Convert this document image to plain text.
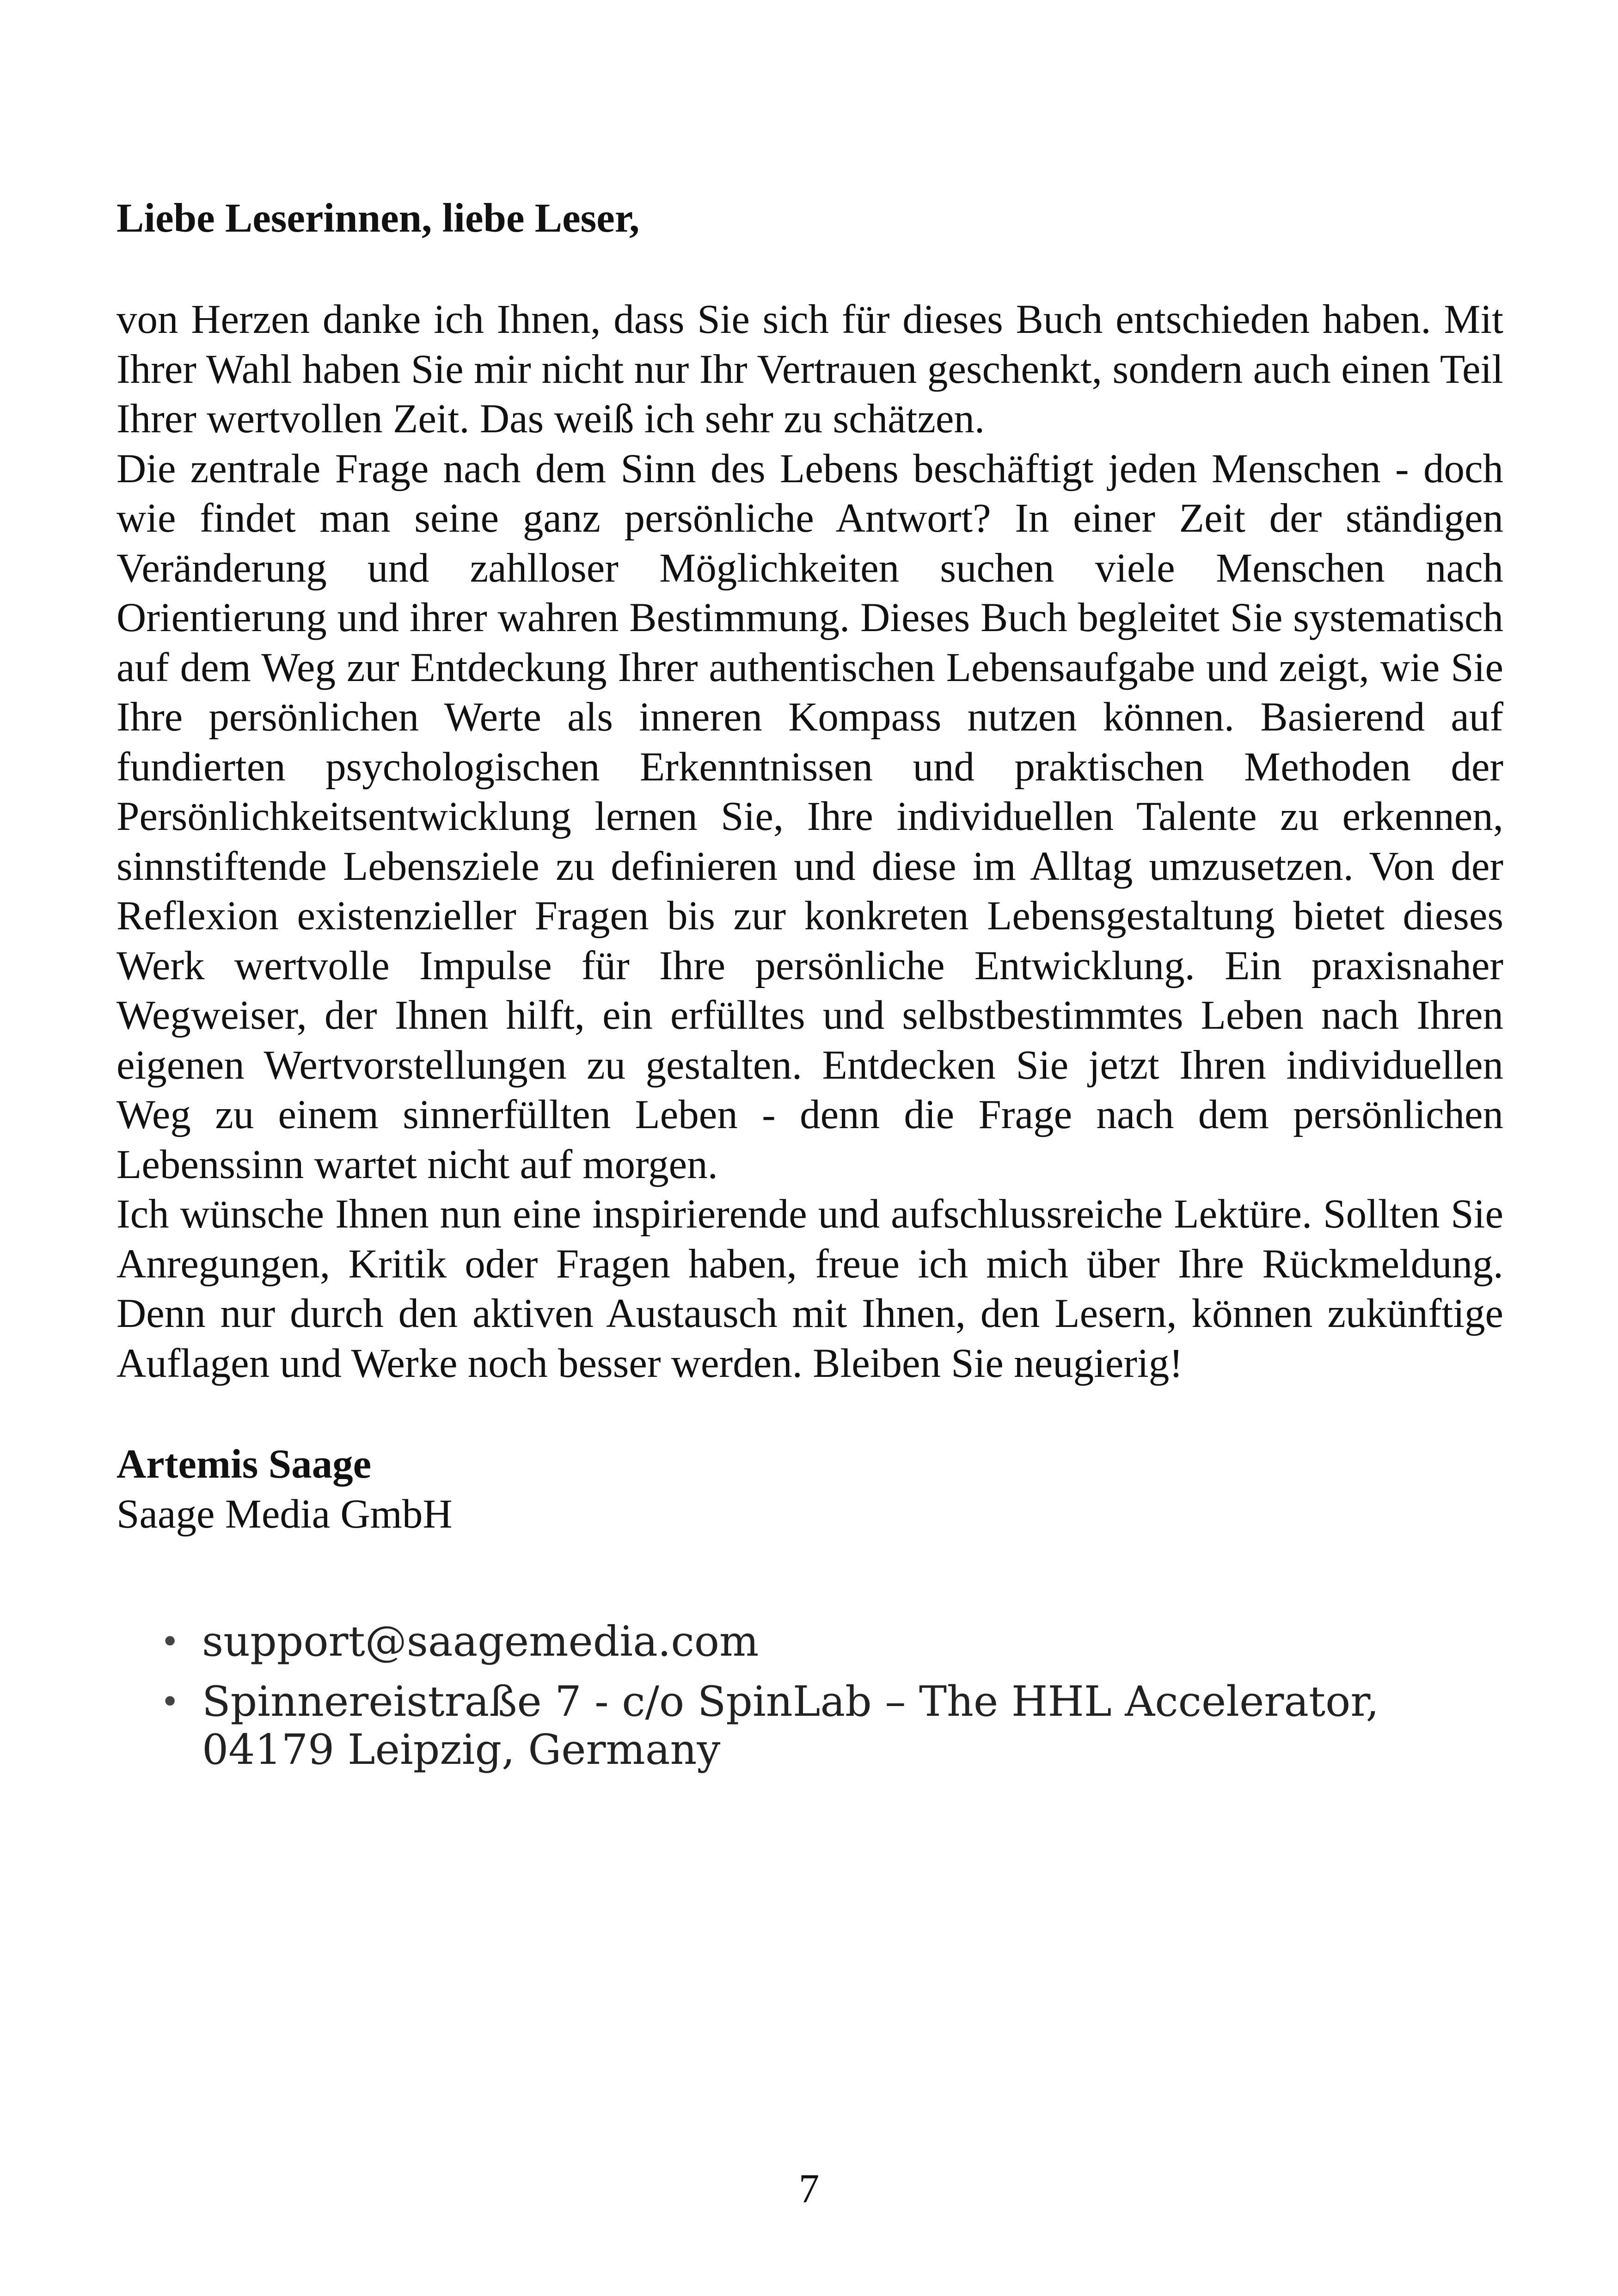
Liebe Leserinnen, liebe Leser,

von Herzen danke ich Ihnen, dass Sie sich für dieses Buch entschieden haben. Mit Ihrer Wahl haben Sie mir nicht nur Ihr Vertrauen geschenkt, sondern auch einen Teil Ihrer wertvollen Zeit. Das weiß ich sehr zu schätzen.

Die zentrale Frage nach dem Sinn des Lebens beschäftigt jeden Menschen - doch wie findet man seine ganz persönliche Antwort? In einer Zeit der ständigen Veränderung und zahlloser Möglichkeiten suchen viele Menschen nach Orientierung und ihrer wahren Bestimmung. Dieses Buch begleitet Sie systematisch auf dem Weg zur Entdeckung Ihrer authentischen Lebensaufgabe und zeigt, wie Sie Ihre persönlichen Werte als inneren Kompass nutzen können. Basierend auf fundierten psychologischen Erkenntnissen und praktischen Methoden der Persönlichkeitsentwicklung lernen Sie, Ihre individuellen Talente zu erkennen, sinnstiftende Lebensziele zu definieren und diese im Alltag umzusetzen. Von der Reflexion existenzieller Fragen bis zur konkreten Lebensgestaltung bietet dieses Werk wertvolle Impulse für Ihre persönliche Entwicklung. Ein praxisnaher Wegweiser, der Ihnen hilft, ein erfülltes und selbstbestimmtes Leben nach Ihren eigenen Wertvorstellungen zu gestalten. Entdecken Sie jetzt Ihren individuellen Weg zu einem sinnerfüllten Leben - denn die Frage nach dem persönlichen Lebenssinn wartet nicht auf morgen.

Ich wünsche Ihnen nun eine inspirierende und aufschlussreiche Lektüre. Sollten Sie Anregungen, Kritik oder Fragen haben, freue ich mich über Ihre Rückmeldung. Denn nur durch den aktiven Austausch mit Ihnen, den Lesern, können zukünftige Auflagen und Werke noch besser werden. Bleiben Sie neugierig!

Artemis Saage

Saage Media GmbH

• support@saagemedia.com
• Spinnereistraße 7 - c/o SpinLab – The HHL Accelerator, 04179 Leipzig, Germany
7
